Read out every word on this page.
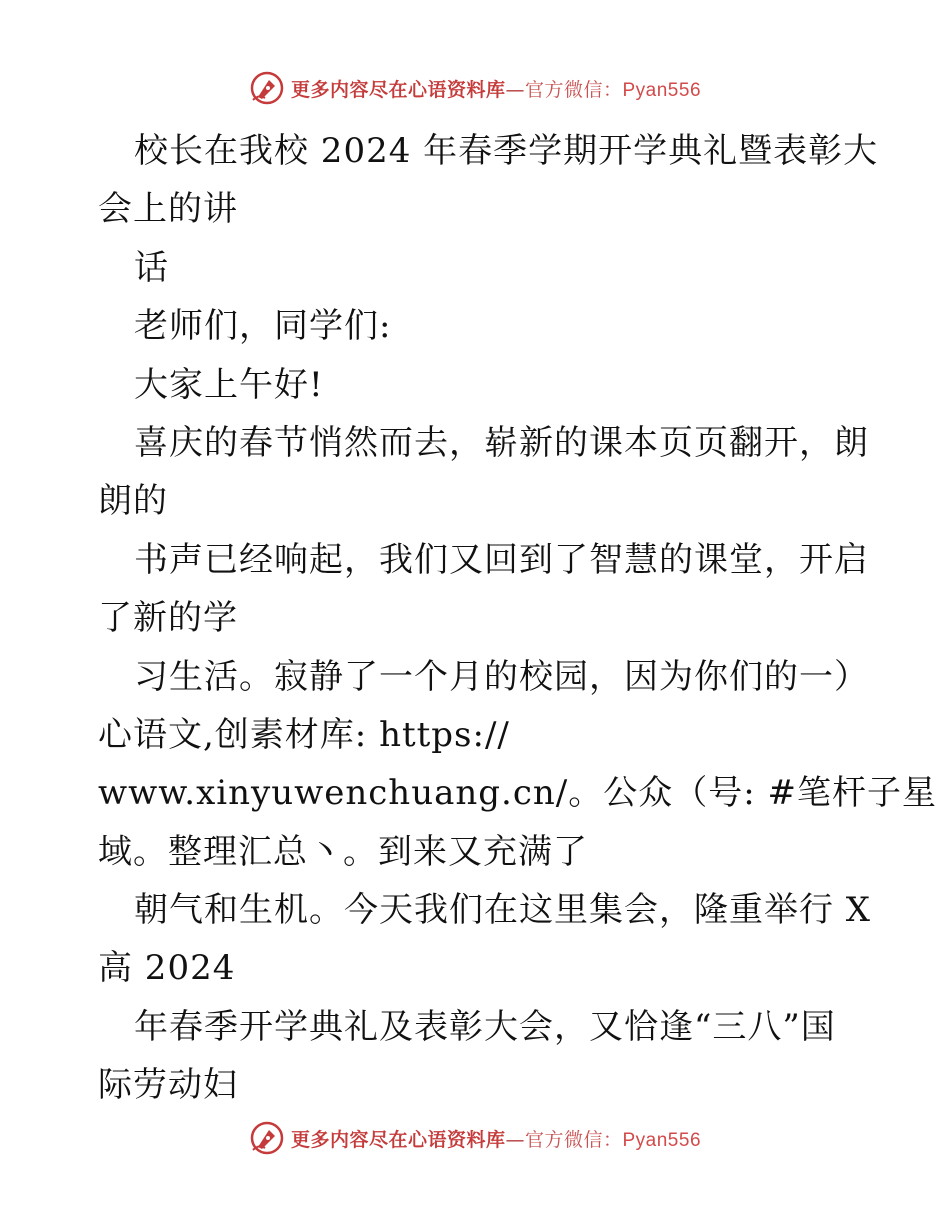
更多内容尽在心语资料库—官方微信：Pyan556
校长在我校 2024 年春季学期开学典礼暨表彰大
会上的讲
话
老师们，同学们:
大家上午好!
喜庆的春节悄然而去，崭新的课本页页翻开，朗
朗的
书声已经响起，我们又回到了智慧的课堂，开启
了新的学
习生活。寂静了一个月的校园，因为你们的一）
心语文,创素材库: https://
www.xinyuwenchuang.cn/。公众（号: #笔杆子星
域。整理汇总丶。到来又充满了
朝气和生机。今天我们在这里集会，隆重举行 X
高 2024
年春季开学典礼及表彰大会，又恰逢“三八”国
际劳动妇
更多内容尽在心语资料库—官方微信：Pyan556
